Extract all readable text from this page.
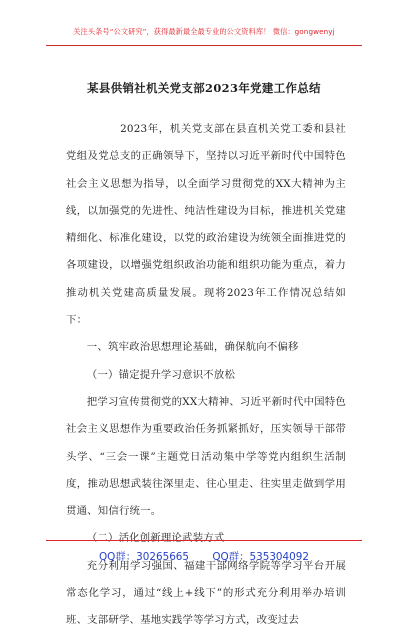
关注头条号“公文研究”，获得最新最全最专业的公文资料库！ 微信：gongwenyj
某县供销社机关党支部2023年党建工作总结

2023年，机关党支部在县直机关党工委和县社党组及党总支的正确领导下，坚持以习近平新时代中国特色社会主义思想为指导，以全面学习贯彻党的XX大精神为主线，以加强党的先进性、纯洁性建设为目标，推进机关党建精细化、标准化建设，以党的政治建设为统领全面推进党的各项建设，以增强党组织政治功能和组织功能为重点，着力推动机关党建高质量发展。现将2023年工作情况总结如下：

一、筑牢政治思想理论基础，确保航向不偏移

（一）锚定提升学习意识不放松

把学习宣传贯彻党的XX大精神、习近平新时代中国特色社会主义思想作为重要政治任务抓紧抓好，压实领导干部带头学、“三会一课”主题党日活动集中学等党内组织生活制度，推动思想武装往深里走、往心里走、往实里走做到学用贯通、知信行统一。

（二）活化创新理论武装方式

充分利用学习强国、福建干部网络学院等学习平台开展常态化学习，通过“线上+线下”的形式充分利用举办培训班、支部研学、基地实践学等学习方式，改变过去

QQ群：30265665 QQ群：535304092
